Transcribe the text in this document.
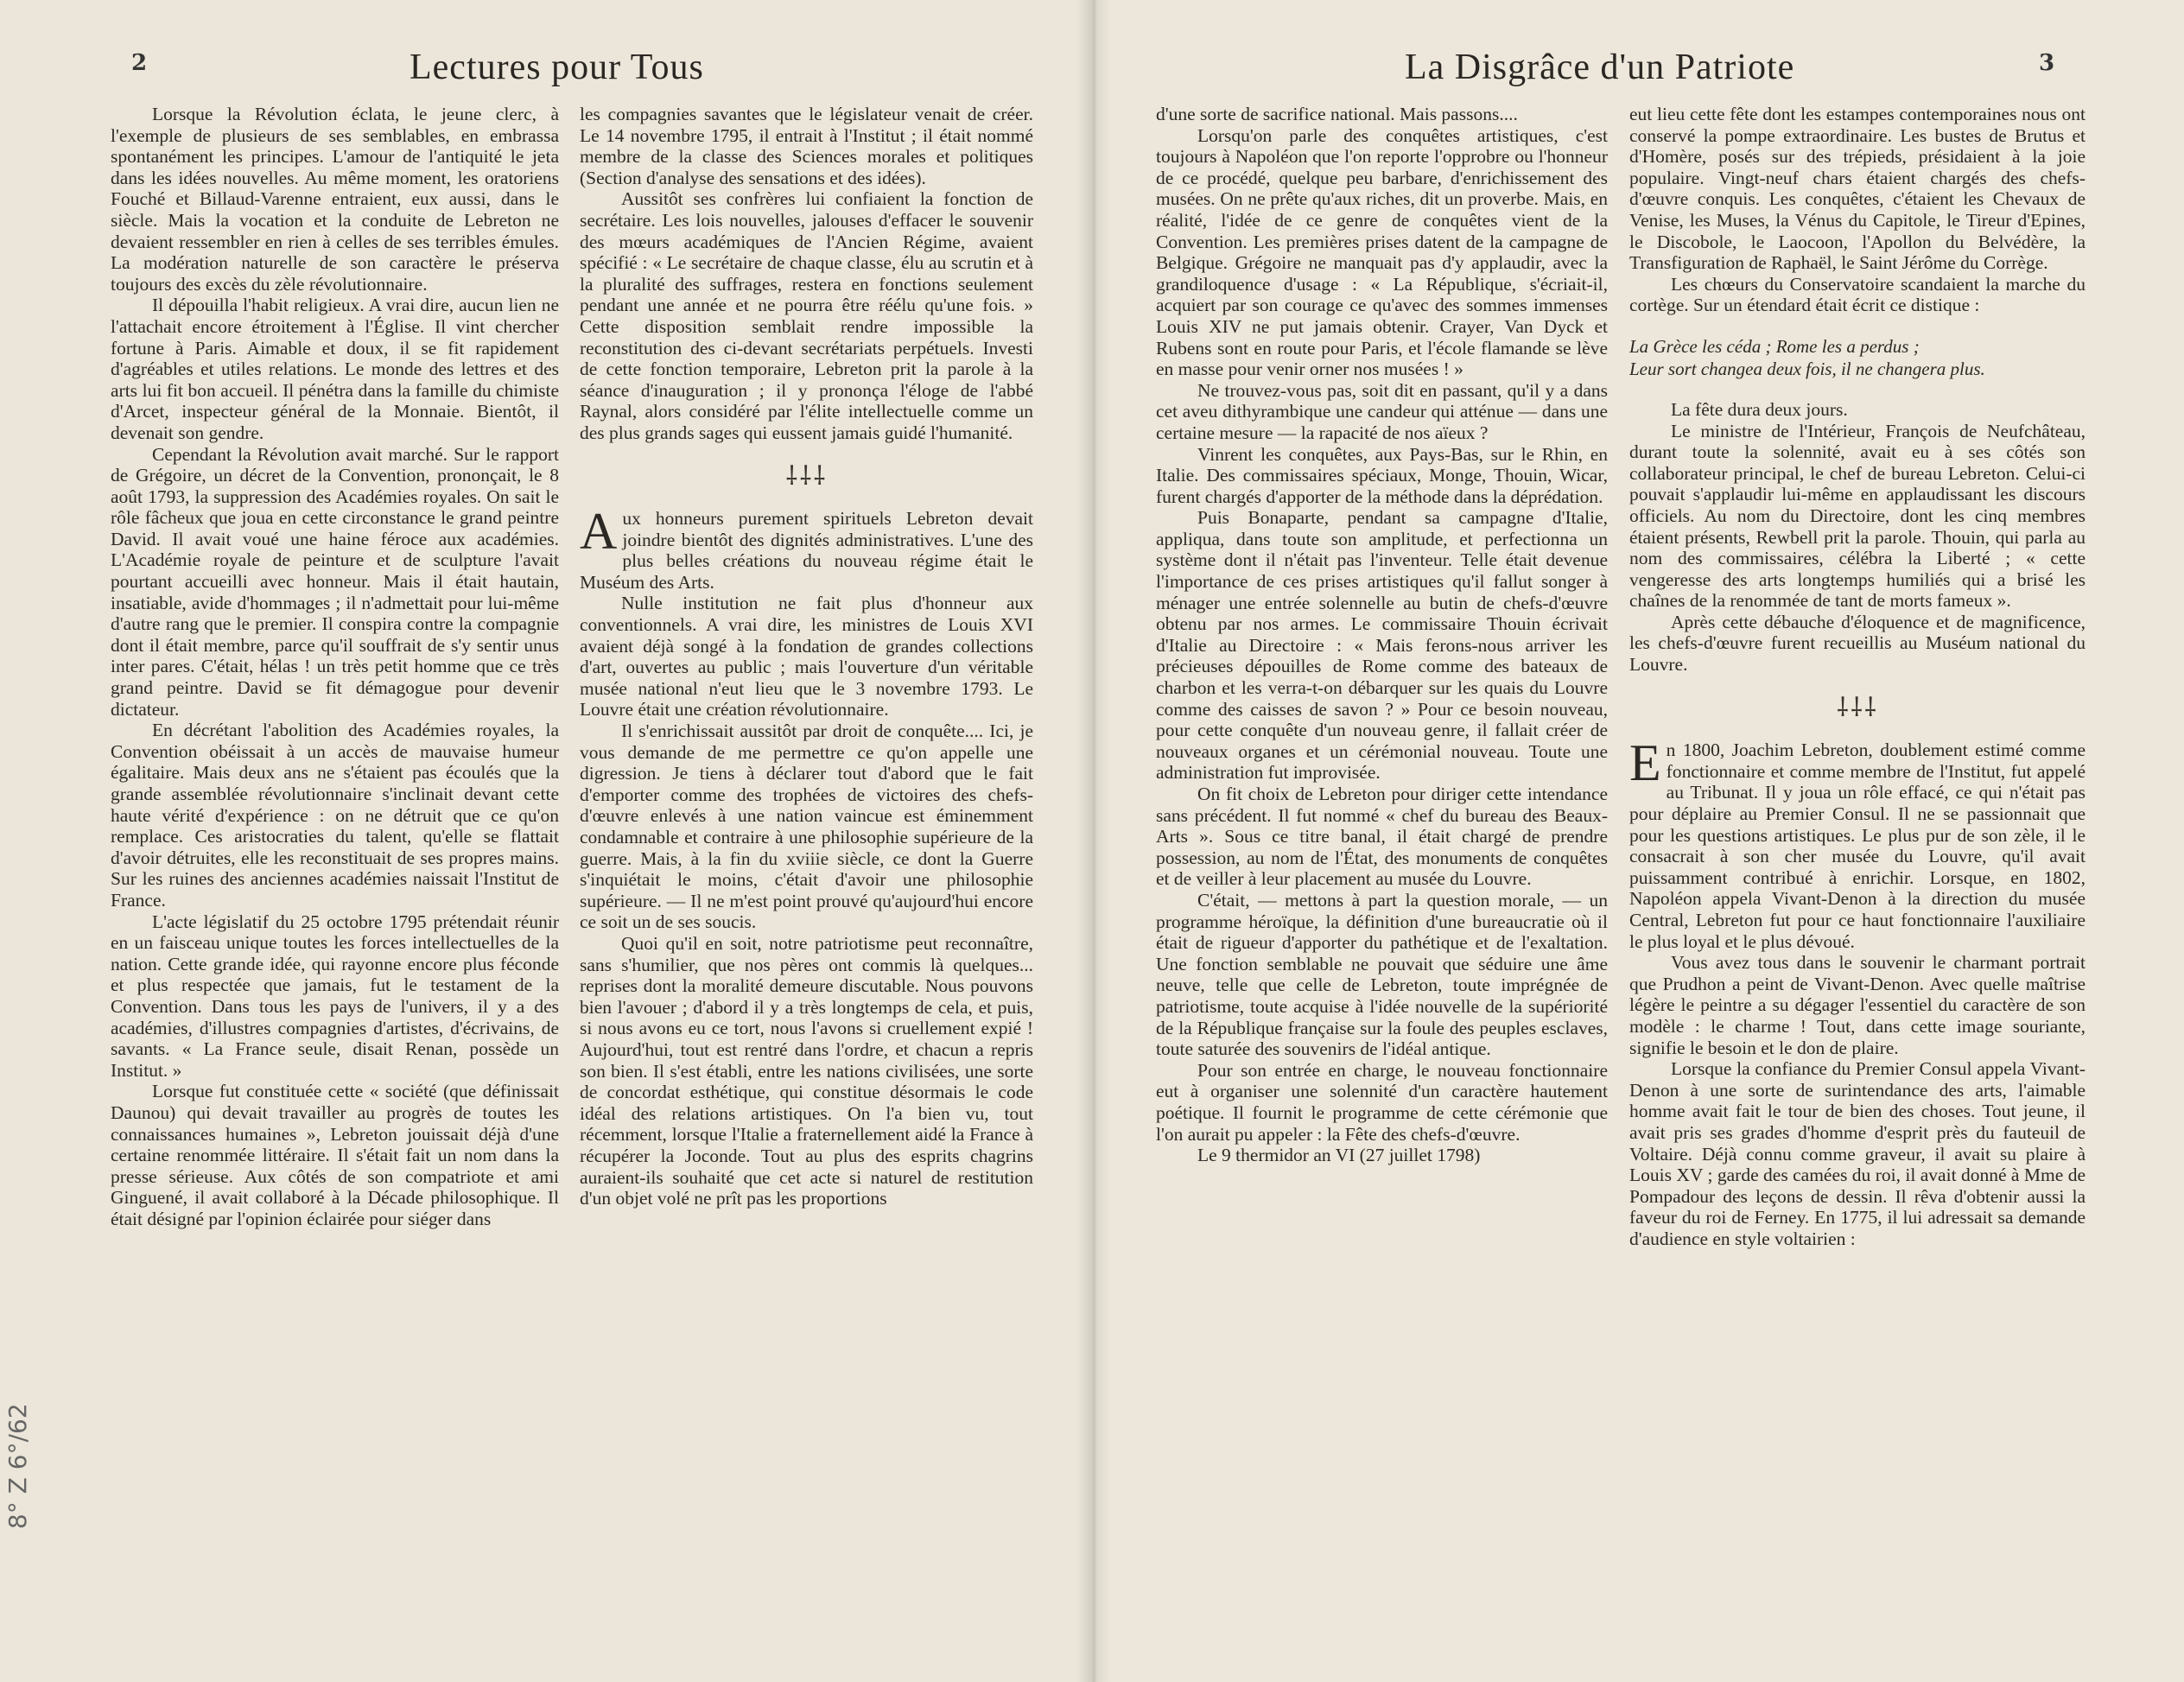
2	Lectures pour Tous

Lorsque la Révolution éclata, le jeune clerc, à l'exemple de plusieurs de ses semblables, en embrassa spontanément les principes. L'amour de l'antiquité le jeta dans les idées nouvelles. Au même moment, les oratoriens Fouché et Billaud-Varenne entraient, eux aussi, dans le siècle. Mais la vocation et la conduite de Lebreton ne devaient ressembler en rien à celles de ses terribles émules. La modération naturelle de son caractère le préserva toujours des excès du zèle révolutionnaire.

Il dépouilla l'habit religieux. A vrai dire, aucun lien ne l'attachait encore étroitement à l'Église. Il vint chercher fortune à Paris. Aimable et doux, il se fit rapidement d'agréables et utiles relations. Le monde des lettres et des arts lui fit bon accueil. Il pénétra dans la famille du chimiste d'Arcet, inspecteur général de la Monnaie. Bientôt, il devenait son gendre.

Cependant la Révolution avait marché. Sur le rapport de Grégoire, un décret de la Convention, prononçait, le 8 août 1793, la suppression des Académies royales. On sait le rôle fâcheux que joua en cette circonstance le grand peintre David. Il avait voué une haine féroce aux académies. L'Académie royale de peinture et de sculpture l'avait pourtant accueilli avec honneur. Mais il était hautain, insatiable, avide d'hommages ; il n'admettait pour lui-même d'autre rang que le premier. Il conspira contre la compagnie dont il était membre, parce qu'il souffrait de s'y sentir unus inter pares. C'était, hélas ! un très petit homme que ce très grand peintre. David se fit démagogue pour devenir dictateur.

En décrétant l'abolition des Académies royales, la Convention obéissait à un accès de mauvaise humeur égalitaire. Mais deux ans ne s'étaient pas écoulés que la grande assemblée révolutionnaire s'inclinait devant cette haute vérité d'expérience : on ne détruit que ce qu'on remplace. Ces aristocraties du talent, qu'elle se flattait d'avoir détruites, elle les reconstituait de ses propres mains. Sur les ruines des anciennes académies naissait l'Institut de France.

L'acte législatif du 25 octobre 1795 prétendait réunir en un faisceau unique toutes les forces intellectuelles de la nation. Cette grande idée, qui rayonne encore plus féconde et plus respectée que jamais, fut le testament de la Convention. Dans tous les pays de l'univers, il y a des académies, d'illustres compagnies d'artistes, d'écrivains, de savants. « La France seule, disait Renan, possède un Institut. »

Lorsque fut constituée cette « société (que définissait Daunou) qui devait travailler au progrès de toutes les connaissances humaines », Lebreton jouissait déjà d'une certaine renommée littéraire. Il s'était fait un nom dans la presse sérieuse. Aux côtés de son compatriote et ami Ginguené, il avait collaboré à la Décade philosophique. Il était désigné par l'opinion éclairée pour siéger dans

les compagnies savantes que le législateur venait de créer. Le 14 novembre 1795, il entrait à l'Institut ; il était nommé membre de la classe des Sciences morales et politiques (Section d'analyse des sensations et des idées).

Aussitôt ses confrères lui confiaient la fonction de secrétaire. Les lois nouvelles, jalouses d'effacer le souvenir des mœurs académiques de l'Ancien Régime, avaient spécifié : « Le secrétaire de chaque classe, élu au scrutin et à la pluralité des suffrages, restera en fonctions seulement pendant une année et ne pourra être réélu qu'une fois. » Cette disposition semblait rendre impossible la reconstitution des ci-devant secrétariats perpétuels. Investi de cette fonction temporaire, Lebreton prit la parole à la séance d'inauguration ; il y prononça l'éloge de l'abbé Raynal, alors considéré par l'élite intellectuelle comme un des plus grands sages qui eussent jamais guidé l'humanité.

⸸⸸⸸

Aux honneurs purement spirituels Lebreton devait joindre bientôt des dignités administratives. L'une des plus belles créations du nouveau régime était le Muséum des Arts.

Nulle institution ne fait plus d'honneur aux conventionnels. A vrai dire, les ministres de Louis XVI avaient déjà songé à la fondation de grandes collections d'art, ouvertes au public ; mais l'ouverture d'un véritable musée national n'eut lieu que le 3 novembre 1793. Le Louvre était une création révolutionnaire.

Il s'enrichissait aussitôt par droit de conquête.... Ici, je vous demande de me permettre ce qu'on appelle une digression. Je tiens à déclarer tout d'abord que le fait d'emporter comme des trophées de victoires des chefs-d'œuvre enlevés à une nation vaincue est éminemment condamnable et contraire à une philosophie supérieure de la guerre. Mais, à la fin du xviiie siècle, ce dont la Guerre s'inquiétait le moins, c'était d'avoir une philosophie supérieure. — Il ne m'est point prouvé qu'aujourd'hui encore ce soit un de ses soucis.

Quoi qu'il en soit, notre patriotisme peut reconnaître, sans s'humilier, que nos pères ont commis là quelques... reprises dont la moralité demeure discutable. Nous pouvons bien l'avouer ; d'abord il y a très longtemps de cela, et puis, si nous avons eu ce tort, nous l'avons si cruellement expié ! Aujourd'hui, tout est rentré dans l'ordre, et chacun a repris son bien. Il s'est établi, entre les nations civilisées, une sorte de concordat esthétique, qui constitue désormais le code idéal des relations artistiques. On l'a bien vu, tout récemment, lorsque l'Italie a fraternellement aidé la France à récupérer la Joconde. Tout au plus des esprits chagrins auraient-ils souhaité que cet acte si naturel de restitution d'un objet volé ne prît pas les proportions

8° Z 6°/62
La Disgrâce d'un Patriote	3

d'une sorte de sacrifice national. Mais passons....

Lorsqu'on parle des conquêtes artistiques, c'est toujours à Napoléon que l'on reporte l'opprobre ou l'honneur de ce procédé, quelque peu barbare, d'enrichissement des musées. On ne prête qu'aux riches, dit un proverbe. Mais, en réalité, l'idée de ce genre de conquêtes vient de la Convention. Les premières prises datent de la campagne de Belgique. Grégoire ne manquait pas d'y applaudir, avec la grandiloquence d'usage : « La République, s'écriait-il, acquiert par son courage ce qu'avec des sommes immenses Louis XIV ne put jamais obtenir. Crayer, Van Dyck et Rubens sont en route pour Paris, et l'école flamande se lève en masse pour venir orner nos musées ! »

Ne trouvez-vous pas, soit dit en passant, qu'il y a dans cet aveu dithyrambique une candeur qui atténue — dans une certaine mesure — la rapacité de nos aïeux ?

Vinrent les conquêtes, aux Pays-Bas, sur le Rhin, en Italie. Des commissaires spéciaux, Monge, Thouin, Wicar, furent chargés d'apporter de la méthode dans la déprédation.

Puis Bonaparte, pendant sa campagne d'Italie, appliqua, dans toute son amplitude, et perfectionna un système dont il n'était pas l'inventeur. Telle était devenue l'importance de ces prises artistiques qu'il fallut songer à ménager une entrée solennelle au butin de chefs-d'œuvre obtenu par nos armes. Le commissaire Thouin écrivait d'Italie au Directoire : « Mais ferons-nous arriver les précieuses dépouilles de Rome comme des bateaux de charbon et les verra-t-on débarquer sur les quais du Louvre comme des caisses de savon ? » Pour ce besoin nouveau, pour cette conquête d'un nouveau genre, il fallait créer de nouveaux organes et un cérémonial nouveau. Toute une administration fut improvisée.

On fit choix de Lebreton pour diriger cette intendance sans précédent. Il fut nommé « chef du bureau des Beaux-Arts ». Sous ce titre banal, il était chargé de prendre possession, au nom de l'État, des monuments de conquêtes et de veiller à leur placement au musée du Louvre.

C'était, — mettons à part la question morale, — un programme héroïque, la définition d'une bureaucratie où il était de rigueur d'apporter du pathétique et de l'exaltation. Une fonction semblable ne pouvait que séduire une âme neuve, telle que celle de Lebreton, toute imprégnée de patriotisme, toute acquise à l'idée nouvelle de la supériorité de la République française sur la foule des peuples esclaves, toute saturée des souvenirs de l'idéal antique.

Pour son entrée en charge, le nouveau fonctionnaire eut à organiser une solennité d'un caractère hautement poétique. Il fournit le programme de cette cérémonie que l'on aurait pu appeler : la Fête des chefs-d'œuvre.

Le 9 thermidor an VI (27 juillet 1798)

eut lieu cette fête dont les estampes contemporaines nous ont conservé la pompe extraordinaire. Les bustes de Brutus et d'Homère, posés sur des trépieds, présidaient à la joie populaire. Vingt-neuf chars étaient chargés des chefs-d'œuvre conquis. Les conquêtes, c'étaient les Chevaux de Venise, les Muses, la Vénus du Capitole, le Tireur d'Epines, le Discobole, le Laocoon, l'Apollon du Belvédère, la Transfiguration de Raphaël, le Saint Jérôme du Corrège.

Les chœurs du Conservatoire scandaient la marche du cortège. Sur un étendard était écrit ce distique :

La Grèce les céda ; Rome les a perdus ;
Leur sort changea deux fois, il ne changera plus.

La fête dura deux jours.

Le ministre de l'Intérieur, François de Neufchâteau, durant toute la solennité, avait eu à ses côtés son collaborateur principal, le chef de bureau Lebreton. Celui-ci pouvait s'applaudir lui-même en applaudissant les discours officiels. Au nom du Directoire, dont les cinq membres étaient présents, Rewbell prit la parole. Thouin, qui parla au nom des commissaires, célébra la Liberté ; « cette vengeresse des arts longtemps humiliés qui a brisé les chaînes de la renommée de tant de morts fameux ».

Après cette débauche d'éloquence et de magnificence, les chefs-d'œuvre furent recueillis au Muséum national du Louvre.

⸸⸸⸸

En 1800, Joachim Lebreton, doublement estimé comme fonctionnaire et comme membre de l'Institut, fut appelé au Tribunat. Il y joua un rôle effacé, ce qui n'était pas pour déplaire au Premier Consul. Il ne se passionnait que pour les questions artistiques. Le plus pur de son zèle, il le consacrait à son cher musée du Louvre, qu'il avait puissamment contribué à enrichir. Lorsque, en 1802, Napoléon appela Vivant-Denon à la direction du musée Central, Lebreton fut pour ce haut fonctionnaire l'auxiliaire le plus loyal et le plus dévoué.

Vous avez tous dans le souvenir le charmant portrait que Prudhon a peint de Vivant-Denon. Avec quelle maîtrise légère le peintre a su dégager l'essentiel du caractère de son modèle : le charme ! Tout, dans cette image souriante, signifie le besoin et le don de plaire.

Lorsque la confiance du Premier Consul appela Vivant-Denon à une sorte de surintendance des arts, l'aimable homme avait fait le tour de bien des choses. Tout jeune, il avait pris ses grades d'homme d'esprit près du fauteuil de Voltaire. Déjà connu comme graveur, il avait su plaire à Louis XV ; garde des camées du roi, il avait donné à Mme de Pompadour des leçons de dessin. Il rêva d'obtenir aussi la faveur du roi de Ferney. En 1775, il lui adressait sa demande d'audience en style voltairien :
